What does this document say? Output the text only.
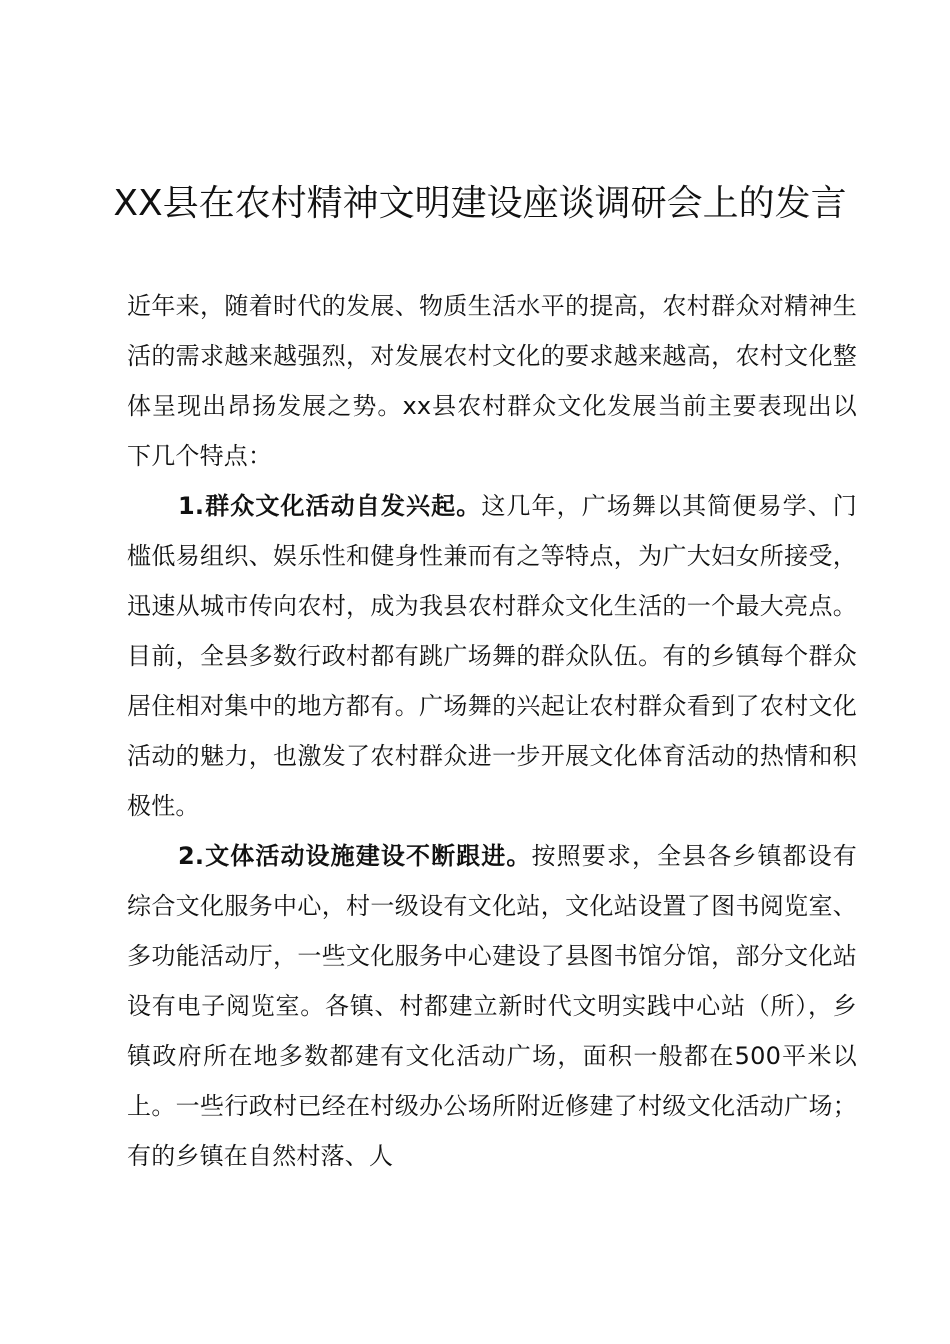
XX县在农村精神文明建设座谈调研会上的发言

近年来，随着时代的发展、物质生活水平的提高，农村群众对精神生活的需求越来越强烈，对发展农村文化的要求越来越高，农村文化整体呈现出昂扬发展之势。xx县农村群众文化发展当前主要表现出以下几个特点：

1.群众文化活动自发兴起。这几年，广场舞以其简便易学、门槛低易组织、娱乐性和健身性兼而有之等特点，为广大妇女所接受，迅速从城市传向农村，成为我县农村群众文化生活的一个最大亮点。目前，全县多数行政村都有跳广场舞的群众队伍。有的乡镇每个群众居住相对集中的地方都有。广场舞的兴起让农村群众看到了农村文化活动的魅力，也激发了农村群众进一步开展文化体育活动的热情和积极性。

2.文体活动设施建设不断跟进。按照要求，全县各乡镇都设有综合文化服务中心，村一级设有文化站，文化站设置了图书阅览室、多功能活动厅，一些文化服务中心建设了县图书馆分馆，部分文化站设有电子阅览室。各镇、村都建立新时代文明实践中心站（所），乡镇政府所在地多数都建有文化活动广场，面积一般都在500平米以上。一些行政村已经在村级办公场所附近修建了村级文化活动广场；有的乡镇在自然村落、人
